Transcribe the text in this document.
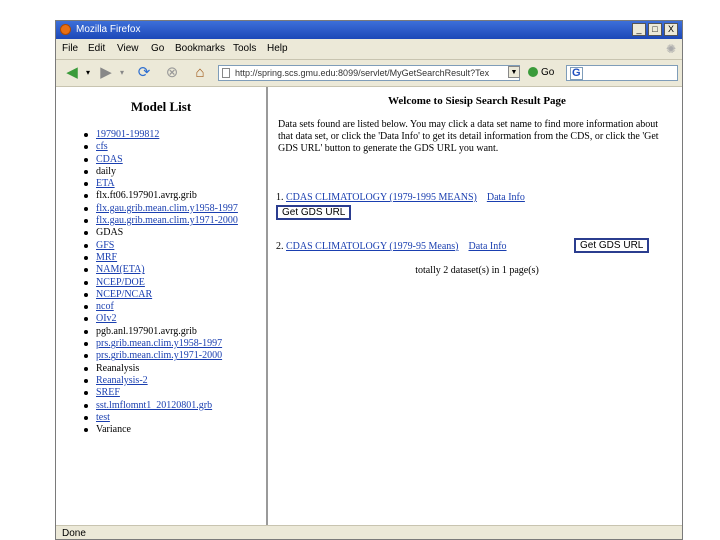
Mozilla Firefox	_	□	X
File Edit View Go Bookmarks Tools Help	✺
◀	▾ ▶	▾ ⟳ ⊗	⌂	http://spring.scs.gmu.edu:8099/servlet/MyGetSearchResult?Tex	▼	Go G
Model List
197901-199812
cfs
CDAS
daily
ETA
flx.ft06.197901.avrg.grib
flx.gau.grib.mean.clim.y1958-1997
flx.gau.grib.mean.clim.y1971-2000
GDAS
GFS
MRF
NAM(ETA)
NCEP/DOE
NCEP/NCAR
ncof
OIv2
pgb.anl.197901.avrg.grib
prs.grib.mean.clim.y1958-1997
prs.grib.mean.clim.y1971-2000
Reanalysis
Reanalysis-2
SREF
sst.lmflomnt1_20120801.grb
test
Variance
Welcome to Siesip Search Result Page
Data sets found are listed below. You may click a data set name to find more information about that data set, or click the 'Data Info' to get its detail information from the CDS, or click the 'Get GDS URL' button to generate the GDS URL you want.
1. CDAS CLIMATOLOGY (1979-1995 MEANS) Data Info
Get GDS URL
2. CDAS CLIMATOLOGY (1979-95 Means) Data Info	Get GDS URL
totally 2 dataset(s) in 1 page(s)
Done
